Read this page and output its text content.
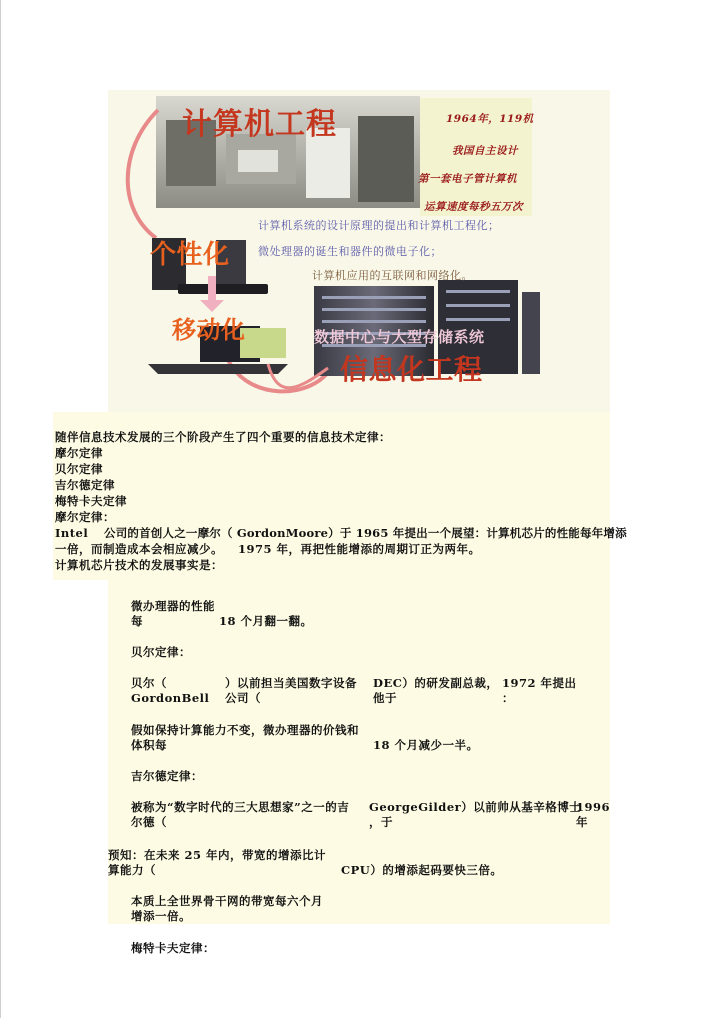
计算机工程	1964年，119机
我国自主设计
第一套电子管计算机
运算速度每秒五万次
计算机系统的设计原理的提出和计算机工程化；
微处理器的诞生和器件的微电子化；
计算机应用的互联网和网络化。
个性化
移动化	数据中心与大型存储系统
信息化工程
随伴信息技术发展的三个阶段产生了四个重要的信息技术定律：
摩尔定律
贝尔定律
吉尔德定律
梅特卡夫定律
摩尔定律：
Intel 公司的首创人之一摩尔（ GordonMoore）于 1965 年提出一个展望：计算机芯片的性能每年增添
一倍，而制造成本会相应减少。 1975 年，再把性能增添的周期订正为两年。
计算机芯片技术的发展事实是：
微办理器的性能
每	18 个月翻一翻。
贝尔定律：
贝尔（
GordonBell
）以前担当美国数字设备
公司（
DEC）的研发副总裁，
他于
1972 年提出
：
假如保持计算能力不变，微办理器的价钱和
体积每	18 个月减少一半。
吉尔德定律：
被称为“数字时代的三大思想家”之一的吉
尔德（
GeorgeGilder）以前帅从基辛格博士
，于
1996
年
预知：在未来 25 年内，带宽的增添比计
算能力（	CPU）的增添起码要快三倍。
本质上全世界骨干网的带宽每六个月
增添一倍。
梅特卡夫定律：
